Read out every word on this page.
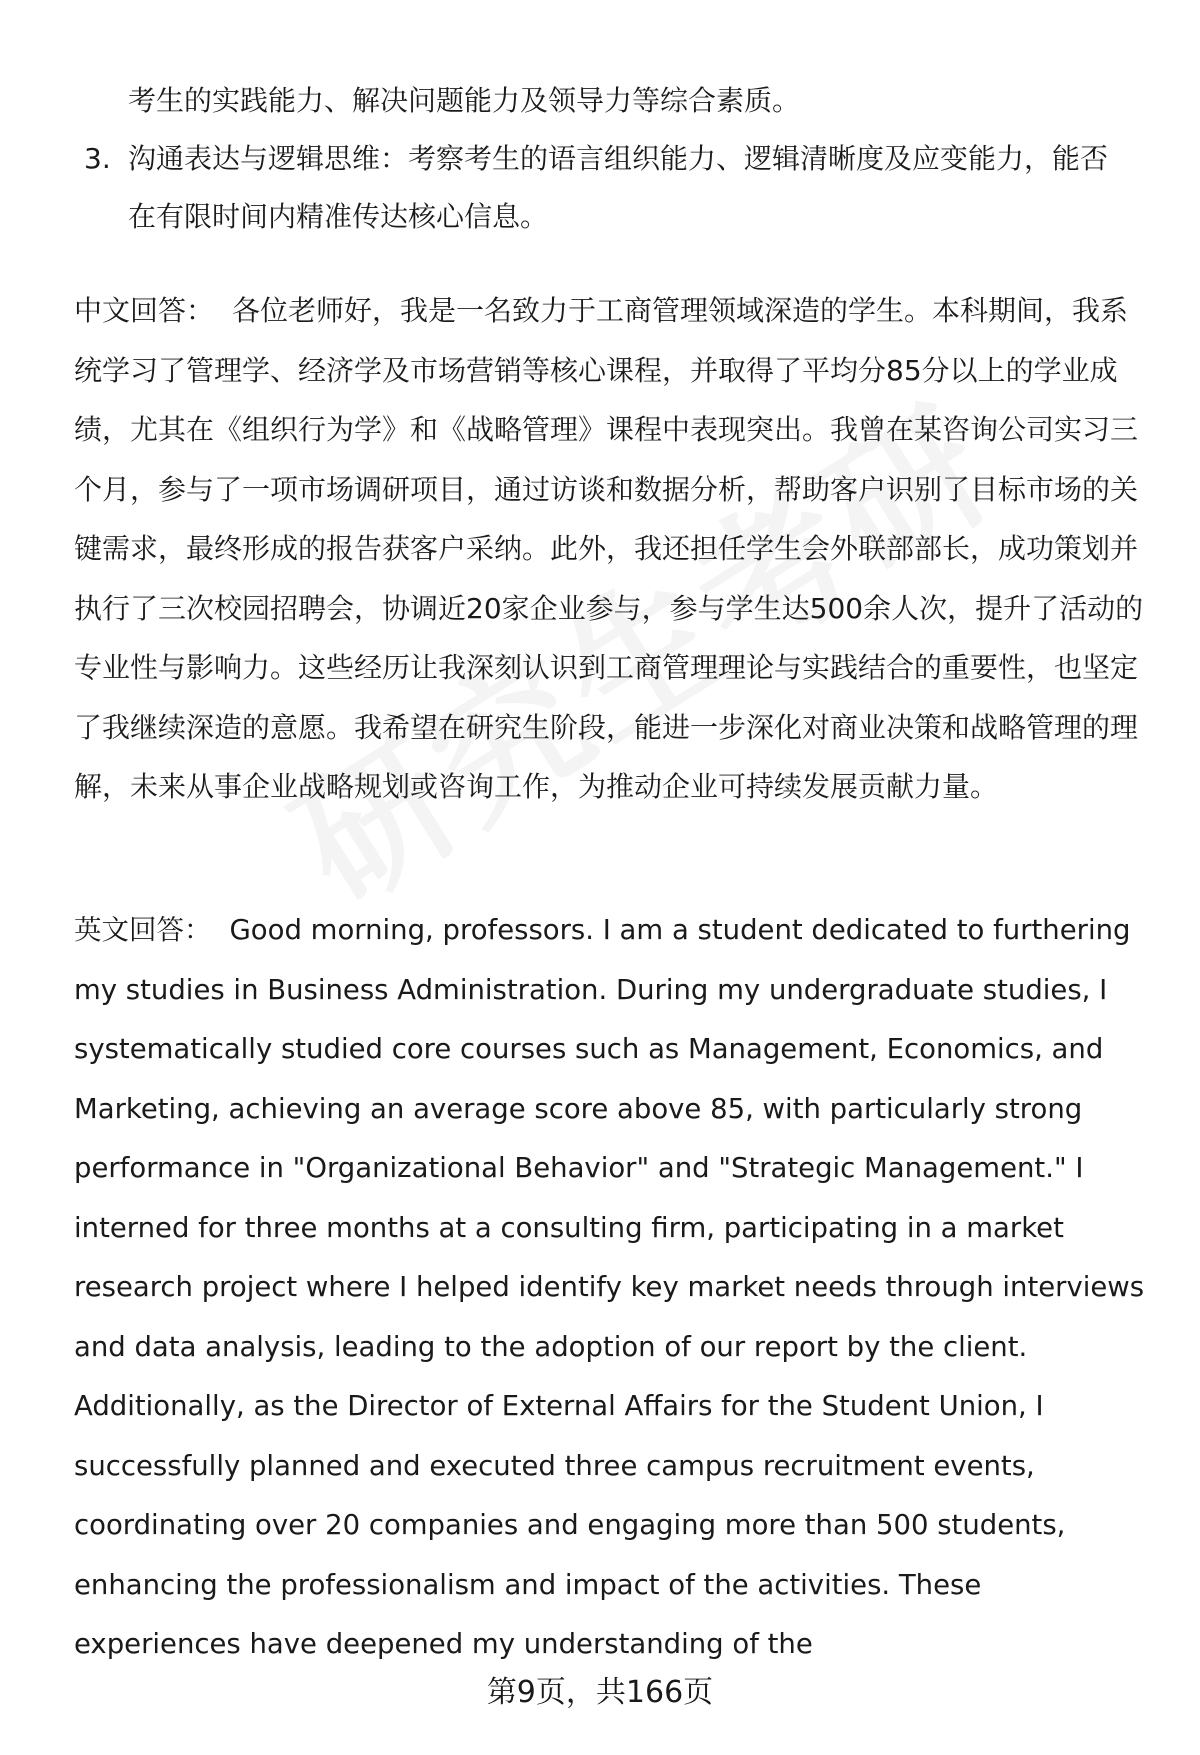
考生的实践能力、解决问题能力及领导力等综合素质。
3. 沟通表达与逻辑思维：考察考生的语言组织能力、逻辑清晰度及应变能力，能否在有限时间内精准传达核心信息。
中文回答： 各位老师好，我是一名致力于工商管理领域深造的学生。本科期间，我系统学习了管理学、经济学及市场营销等核心课程，并取得了平均分85分以上的学业成绩，尤其在《组织行为学》和《战略管理》课程中表现突出。我曾在某咨询公司实习三个月，参与了一项市场调研项目，通过访谈和数据分析，帮助客户识别了目标市场的关键需求，最终形成的报告获客户采纳。此外，我还担任学生会外联部部长，成功策划并执行了三次校园招聘会，协调近20家企业参与，参与学生达500余人次，提升了活动的专业性与影响力。这些经历让我深刻认识到工商管理理论与实践结合的重要性，也坚定了我继续深造的意愿。我希望在研究生阶段，能进一步深化对商业决策和战略管理的理解，未来从事企业战略规划或咨询工作，为推动企业可持续发展贡献力量。
英文回答： Good morning, professors. I am a student dedicated to furthering my studies in Business Administration. During my undergraduate studies, I systematically studied core courses such as Management, Economics, and Marketing, achieving an average score above 85, with particularly strong performance in "Organizational Behavior" and "Strategic Management." I interned for three months at a consulting firm, participating in a market research project where I helped identify key market needs through interviews and data analysis, leading to the adoption of our report by the client. Additionally, as the Director of External Affairs for the Student Union, I successfully planned and executed three campus recruitment events, coordinating over 20 companies and engaging more than 500 students, enhancing the professionalism and impact of the activities. These experiences have deepened my understanding of the
第9页，共166页
